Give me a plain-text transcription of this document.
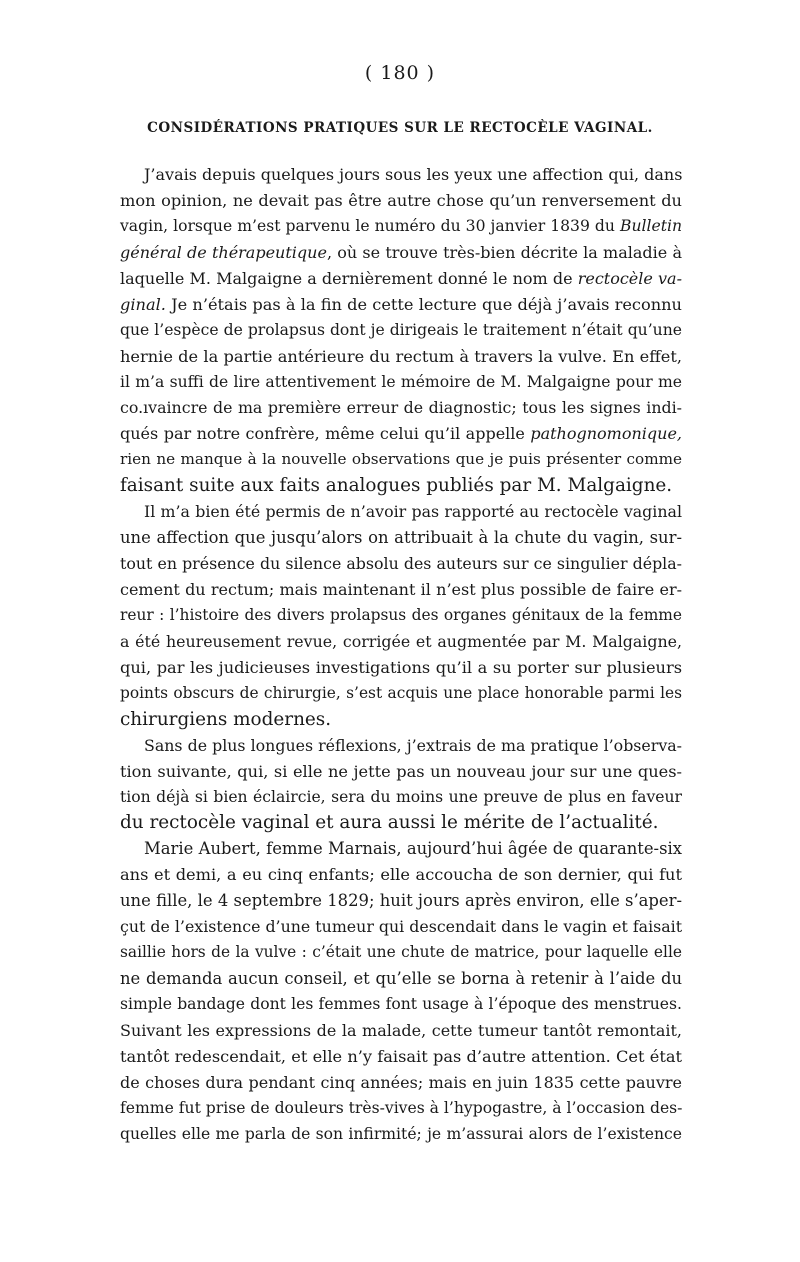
( 180 )
CONSIDÉRATIONS PRATIQUES SUR LE RECTOCÈLE VAGINAL.
J’avais depuis quelques jours sous les yeux une affection qui, dans
mon opinion, ne devait pas être autre chose qu’un renversement du
vagin, lorsque m’est parvenu le numéro du 30 janvier 1839 du Bulletin
général de thérapeutique, où se trouve très-bien décrite la maladie à
laquelle M. Malgaigne a dernièrement donné le nom de rectocèle va-
ginal. Je n’étais pas à la fin de cette lecture que déjà j’avais reconnu
que l’espèce de prolapsus dont je dirigeais le traitement n’était qu’une
hernie de la partie antérieure du rectum à travers la vulve. En effet,
il m’a suffi de lire attentivement le mémoire de M. Malgaigne pour me
co.ıvaincre de ma première erreur de diagnostic; tous les signes indi-
qués par notre confrère, même celui qu’il appelle pathognomonique,
rien ne manque à la nouvelle observations que je puis présenter comme
faisant suite aux faits analogues publiés par M. Malgaigne.
Il m’a bien été permis de n’avoir pas rapporté au rectocèle vaginal
une affection que jusqu’alors on attribuait à la chute du vagin, sur-
tout en présence du silence absolu des auteurs sur ce singulier dépla-
cement du rectum; mais maintenant il n’est plus possible de faire er-
reur : l’histoire des divers prolapsus des organes génitaux de la femme
a été heureusement revue, corrigée et augmentée par M. Malgaigne,
qui, par les judicieuses investigations qu’il a su porter sur plusieurs
points obscurs de chirurgie, s’est acquis une place honorable parmi les
chirurgiens modernes.
Sans de plus longues réflexions, j’extrais de ma pratique l’observa-
tion suivante, qui, si elle ne jette pas un nouveau jour sur une ques-
tion déjà si bien éclaircie, sera du moins une preuve de plus en faveur
du rectocèle vaginal et aura aussi le mérite de l’actualité.
Marie Aubert, femme Marnais, aujourd’hui âgée de quarante-six
ans et demi, a eu cinq enfants; elle accoucha de son dernier, qui fut
une fille, le 4 septembre 1829; huit jours après environ, elle s’aper-
çut de l’existence d’une tumeur qui descendait dans le vagin et faisait
saillie hors de la vulve : c’était une chute de matrice, pour laquelle elle
ne demanda aucun conseil, et qu’elle se borna à retenir à l’aide du
simple bandage dont les femmes font usage à l’époque des menstrues.
Suivant les expressions de la malade, cette tumeur tantôt remontait,
tantôt redescendait, et elle n’y faisait pas d’autre attention. Cet état
de choses dura pendant cinq années; mais en juin 1835 cette pauvre
femme fut prise de douleurs très-vives à l’hypogastre, à l’occasion des-
quelles elle me parla de son infirmité; je m’assurai alors de l’existence
